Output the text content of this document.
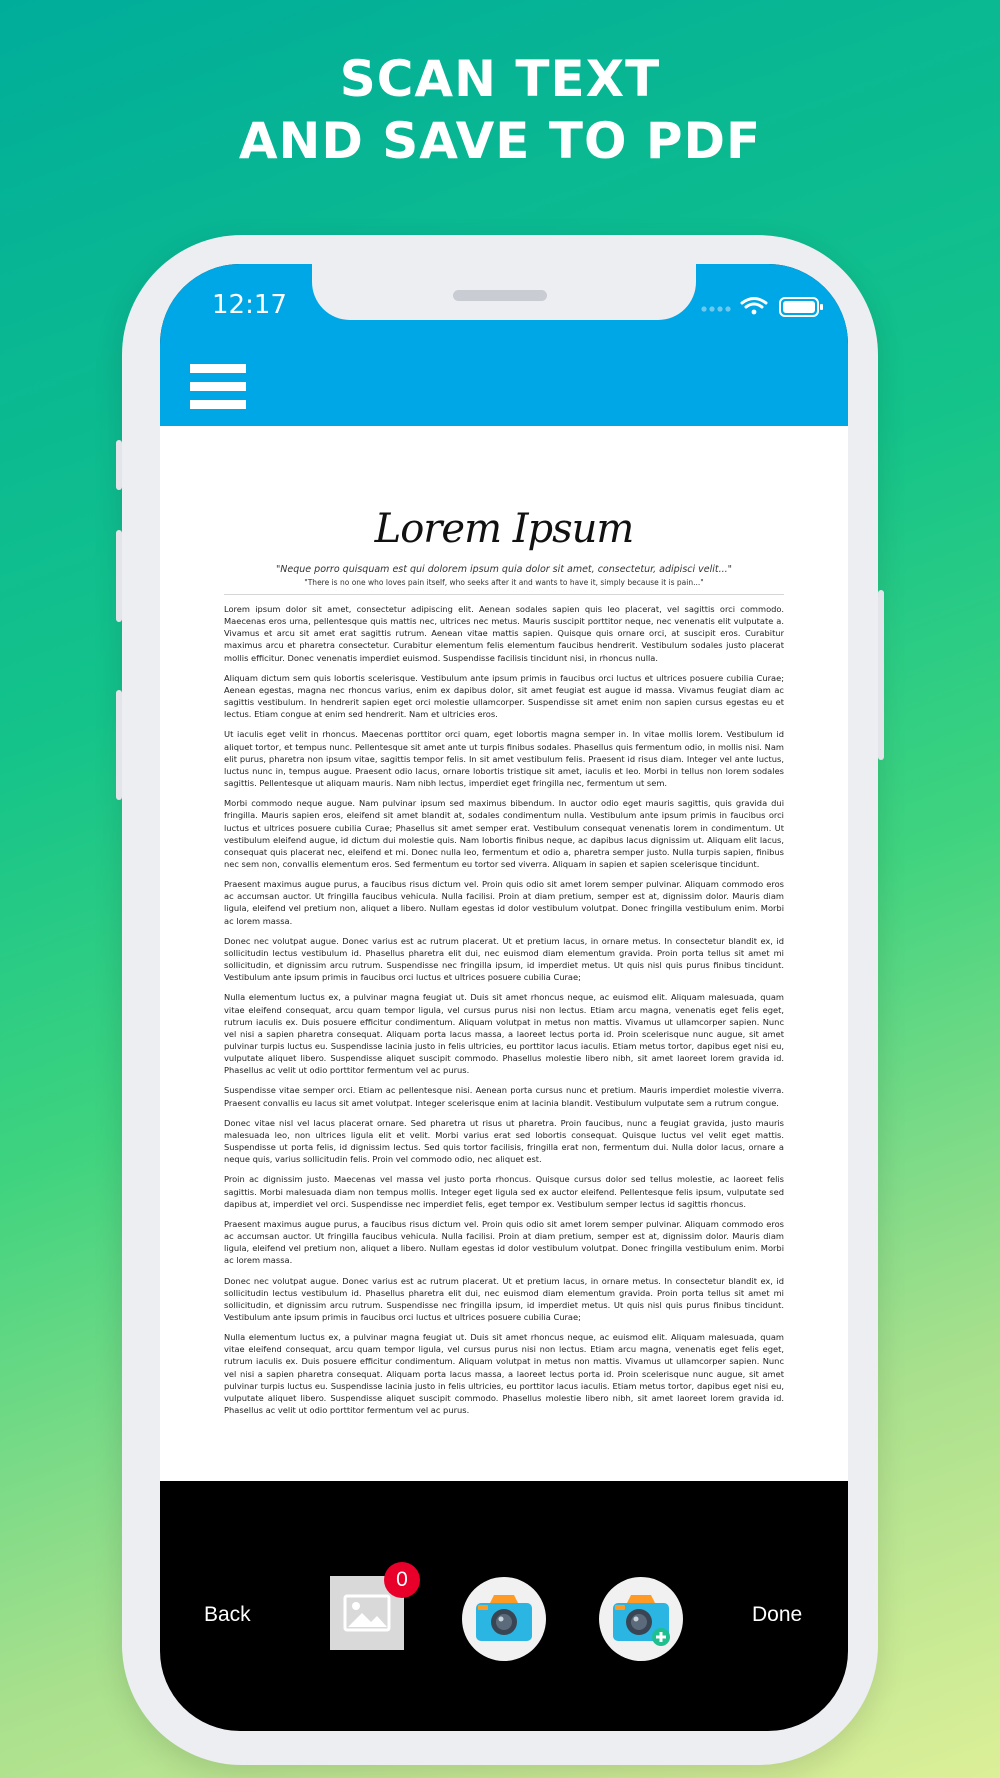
SCAN TEXT
AND SAVE TO PDF
12:17
Lorem Ipsum
"Neque porro quisquam est qui dolorem ipsum quia dolor sit amet, consectetur, adipisci velit..."
"There is no one who loves pain itself, who seeks after it and wants to have it, simply because it is pain..."

Lorem ipsum dolor sit amet, consectetur adipiscing elit. Aenean sodales sapien quis leo placerat, vel sagittis orci commodo. Maecenas eros urna, pellentesque quis mattis nec, ultrices nec metus. Mauris suscipit porttitor neque, nec venenatis elit vulputate a. Vivamus et arcu sit amet erat sagittis rutrum. Aenean vitae mattis sapien. Quisque quis ornare orci, at suscipit eros. Curabitur maximus arcu et pharetra consectetur. Curabitur elementum felis elementum faucibus hendrerit. Vestibulum sodales justo placerat mollis efficitur. Donec venenatis imperdiet euismod. Suspendisse facilisis tincidunt nisi, in rhoncus nulla.

Aliquam dictum sem quis lobortis scelerisque. Vestibulum ante ipsum primis in faucibus orci luctus et ultrices posuere cubilia Curae; Aenean egestas, magna nec rhoncus varius, enim ex dapibus dolor, sit amet feugiat est augue id massa. Vivamus feugiat diam ac sagittis vestibulum. In hendrerit sapien eget orci molestie ullamcorper. Suspendisse sit amet enim non sapien cursus egestas eu et lectus. Etiam congue at enim sed hendrerit. Nam et ultricies eros.

Ut iaculis eget velit in rhoncus. Maecenas porttitor orci quam, eget lobortis magna semper in. In vitae mollis lorem. Vestibulum id aliquet tortor, et tempus nunc. Pellentesque sit amet ante ut turpis finibus sodales. Phasellus quis fermentum odio, in mollis nisi. Nam elit purus, pharetra non ipsum vitae, sagittis tempor felis. In sit amet vestibulum felis. Praesent id risus diam. Integer vel ante luctus, luctus nunc in, tempus augue. Praesent odio lacus, ornare lobortis tristique sit amet, iaculis et leo. Morbi in tellus non lorem sodales sagittis. Pellentesque ut aliquam mauris. Nam nibh lectus, imperdiet eget fringilla nec, fermentum ut sem.

Morbi commodo neque augue. Nam pulvinar ipsum sed maximus bibendum. In auctor odio eget mauris sagittis, quis gravida dui fringilla. Mauris sapien eros, eleifend sit amet blandit at, sodales condimentum nulla. Vestibulum ante ipsum primis in faucibus orci luctus et ultrices posuere cubilia Curae; Phasellus sit amet semper erat. Vestibulum consequat venenatis lorem in condimentum. Ut vestibulum eleifend augue, id dictum dui molestie quis. Nam lobortis finibus neque, ac dapibus lacus dignissim ut. Aliquam elit lacus, consequat quis placerat nec, eleifend et mi. Donec nulla leo, fermentum et odio a, pharetra semper justo. Nulla turpis sapien, finibus nec sem non, convallis elementum eros. Sed fermentum eu tortor sed viverra. Aliquam in sapien et sapien scelerisque tincidunt.

Praesent maximus augue purus, a faucibus risus dictum vel. Proin quis odio sit amet lorem semper pulvinar. Aliquam commodo eros ac accumsan auctor. Ut fringilla faucibus vehicula. Nulla facilisi. Proin at diam pretium, semper est at, dignissim dolor. Mauris diam ligula, eleifend vel pretium non, aliquet a libero. Nullam egestas id dolor vestibulum volutpat. Donec fringilla vestibulum enim. Morbi ac lorem massa.

Donec nec volutpat augue. Donec varius est ac rutrum placerat. Ut et pretium lacus, in ornare metus. In consectetur blandit ex, id sollicitudin lectus vestibulum id. Phasellus pharetra elit dui, nec euismod diam elementum gravida. Proin porta tellus sit amet mi sollicitudin, et dignissim arcu rutrum. Suspendisse nec fringilla ipsum, id imperdiet metus. Ut quis nisl quis purus finibus tincidunt. Vestibulum ante ipsum primis in faucibus orci luctus et ultrices posuere cubilia Curae;

Nulla elementum luctus ex, a pulvinar magna feugiat ut. Duis sit amet rhoncus neque, ac euismod elit. Aliquam malesuada, quam vitae eleifend consequat, arcu quam tempor ligula, vel cursus purus nisi non lectus. Etiam arcu magna, venenatis eget felis eget, rutrum iaculis ex. Duis posuere efficitur condimentum. Aliquam volutpat in metus non mattis. Vivamus ut ullamcorper sapien. Nunc vel nisi a sapien pharetra consequat. Aliquam porta lacus massa, a laoreet lectus porta id. Proin scelerisque nunc augue, sit amet pulvinar turpis luctus eu. Suspendisse lacinia justo in felis ultricies, eu porttitor lacus iaculis. Etiam metus tortor, dapibus eget nisi eu, vulputate aliquet libero. Suspendisse aliquet suscipit commodo. Phasellus molestie libero nibh, sit amet laoreet lorem gravida id. Phasellus ac velit ut odio porttitor fermentum vel ac purus.

Suspendisse vitae semper orci. Etiam ac pellentesque nisi. Aenean porta cursus nunc et pretium. Mauris imperdiet molestie viverra. Praesent convallis eu lacus sit amet volutpat. Integer scelerisque enim at lacinia blandit. Vestibulum vulputate sem a rutrum congue.

Donec vitae nisl vel lacus placerat ornare. Sed pharetra ut risus ut pharetra. Proin faucibus, nunc a feugiat gravida, justo mauris malesuada leo, non ultrices ligula elit et velit. Morbi varius erat sed lobortis consequat. Quisque luctus vel velit eget mattis. Suspendisse ut porta felis, id dignissim lectus. Sed quis tortor facilisis, fringilla erat non, fermentum dui. Nulla dolor lacus, ornare a neque quis, varius sollicitudin felis. Proin vel commodo odio, nec aliquet est.

Proin ac dignissim justo. Maecenas vel massa vel justo porta rhoncus. Quisque cursus dolor sed tellus molestie, ac laoreet felis sagittis. Morbi malesuada diam non tempus mollis. Integer eget ligula sed ex auctor eleifend. Pellentesque felis ipsum, vulputate sed dapibus at, imperdiet vel orci. Suspendisse nec imperdiet felis, eget tempor ex. Vestibulum semper lectus id sagittis rhoncus.

Praesent maximus augue purus, a faucibus risus dictum vel. Proin quis odio sit amet lorem semper pulvinar. Aliquam commodo eros ac accumsan auctor. Ut fringilla faucibus vehicula. Nulla facilisi. Proin at diam pretium, semper est at, dignissim dolor. Mauris diam ligula, eleifend vel pretium non, aliquet a libero. Nullam egestas id dolor vestibulum volutpat. Donec fringilla vestibulum enim. Morbi ac lorem massa.

Donec nec volutpat augue. Donec varius est ac rutrum placerat. Ut et pretium lacus, in ornare metus. In consectetur blandit ex, id sollicitudin lectus vestibulum id. Phasellus pharetra elit dui, nec euismod diam elementum gravida. Proin porta tellus sit amet mi sollicitudin, et dignissim arcu rutrum. Suspendisse nec fringilla ipsum, id imperdiet metus. Ut quis nisl quis purus finibus tincidunt. Vestibulum ante ipsum primis in faucibus orci luctus et ultrices posuere cubilia Curae;

Nulla elementum luctus ex, a pulvinar magna feugiat ut. Duis sit amet rhoncus neque, ac euismod elit. Aliquam malesuada, quam vitae eleifend consequat, arcu quam tempor ligula, vel cursus purus nisi non lectus. Etiam arcu magna, venenatis eget felis eget, rutrum iaculis ex. Duis posuere efficitur condimentum. Aliquam volutpat in metus non mattis. Vivamus ut ullamcorper sapien. Nunc vel nisi a sapien pharetra consequat. Aliquam porta lacus massa, a laoreet lectus porta id. Proin scelerisque nunc augue, sit amet pulvinar turpis luctus eu. Suspendisse lacinia justo in felis ultricies, eu porttitor lacus iaculis. Etiam metus tortor, dapibus eget nisi eu, vulputate aliquet libero. Suspendisse aliquet suscipit commodo. Phasellus molestie libero nibh, sit amet laoreet lorem gravida id. Phasellus ac velit ut odio porttitor fermentum vel ac purus.

Back
0
Done
